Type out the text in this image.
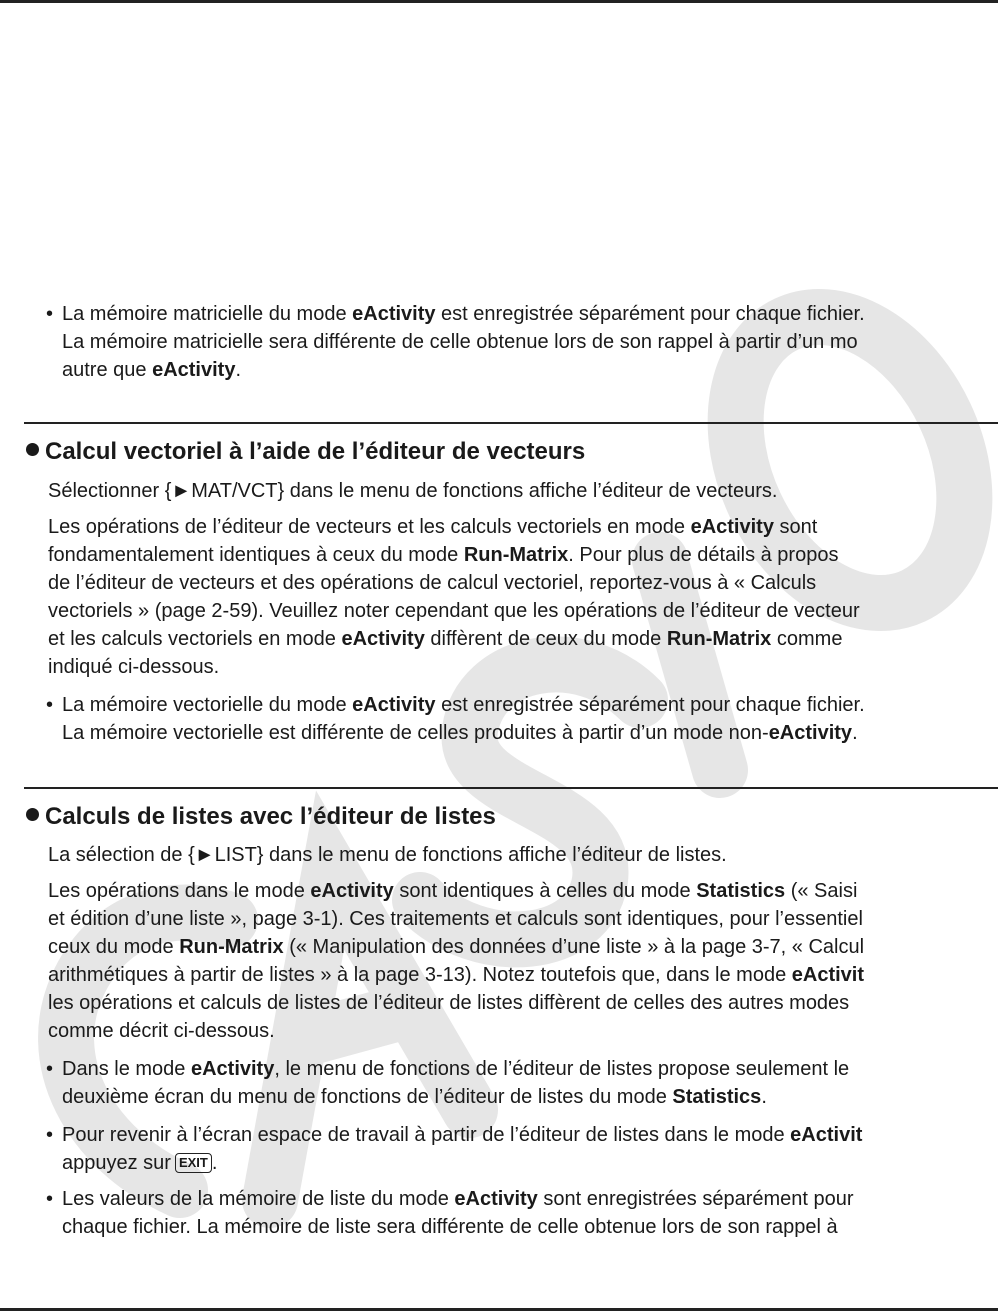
• La mémoire matricielle du mode eActivity est enregistrée séparément pour chaque fichier.
La mémoire matricielle sera différente de celle obtenue lors de son rappel à partir d’un mo
autre que eActivity.
Calcul vectoriel à l’aide de l’éditeur de vecteurs
Sélectionner {►MAT/VCT} dans le menu de fonctions affiche l’éditeur de vecteurs.
Les opérations de l’éditeur de vecteurs et les calculs vectoriels en mode eActivity sont
fondamentalement identiques à ceux du mode Run-Matrix. Pour plus de détails à propos
de l’éditeur de vecteurs et des opérations de calcul vectoriel, reportez-vous à « Calculs
vectoriels » (page 2-59). Veuillez noter cependant que les opérations de l’éditeur de vecteur
et les calculs vectoriels en mode eActivity diffèrent de ceux du mode Run-Matrix comme
indiqué ci-dessous.
• La mémoire vectorielle du mode eActivity est enregistrée séparément pour chaque fichier.
La mémoire vectorielle est différente de celles produites à partir d’un mode non-eActivity.
Calculs de listes avec l’éditeur de listes
La sélection de {►LIST} dans le menu de fonctions affiche l’éditeur de listes.
Les opérations dans le mode eActivity sont identiques à celles du mode Statistics (« Saisi
et édition d’une liste », page 3-1). Ces traitements et calculs sont identiques, pour l’essentiel
ceux du mode Run-Matrix (« Manipulation des données d’une liste » à la page 3-7, « Calcul
arithmétiques à partir de listes » à la page 3-13). Notez toutefois que, dans le mode eActivit
les opérations et calculs de listes de l’éditeur de listes diffèrent de celles des autres modes
comme décrit ci-dessous.
• Dans le mode eActivity, le menu de fonctions de l’éditeur de listes propose seulement le
deuxième écran du menu de fonctions de l’éditeur de listes du mode Statistics.
• Pour revenir à l’écran espace de travail à partir de l’éditeur de listes dans le mode eActivit
appuyez sur EXIT .
• Les valeurs de la mémoire de liste du mode eActivity sont enregistrées séparément pour
chaque fichier. La mémoire de liste sera différente de celle obtenue lors de son rappel à
